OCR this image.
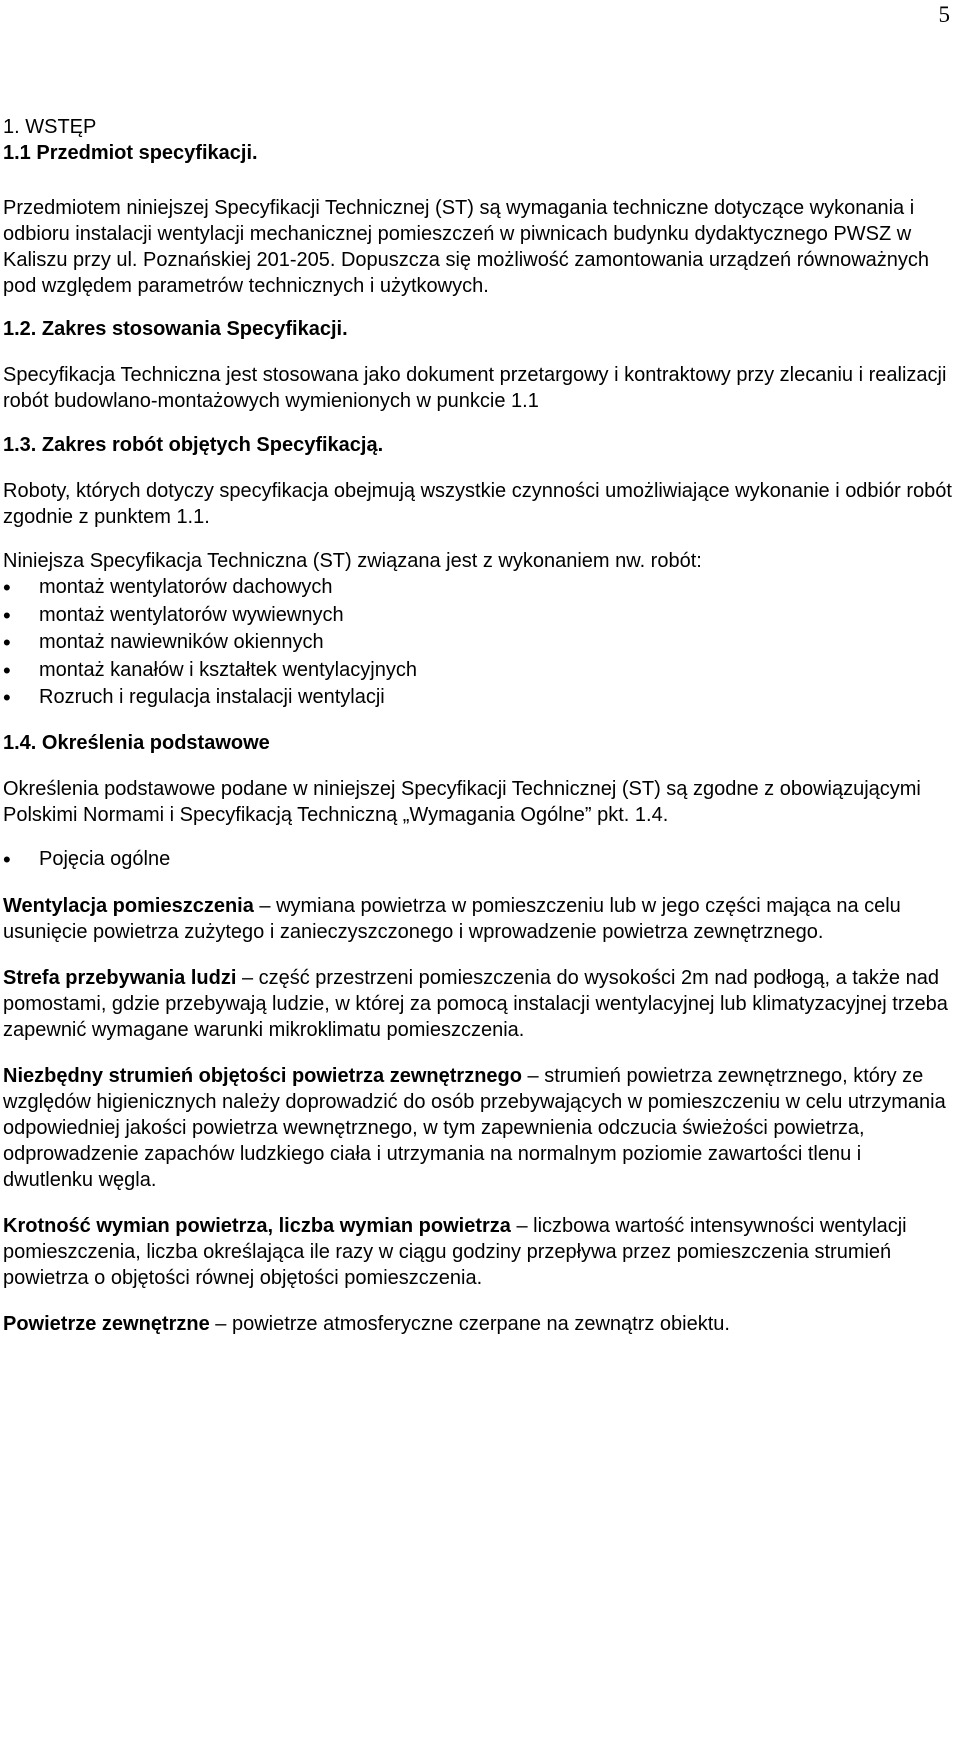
5

1. WSTĘP

1.1 Przedmiot specyfikacji.

Przedmiotem niniejszej Specyfikacji Technicznej (ST) są wymagania techniczne dotyczące wykonania i odbioru instalacji wentylacji mechanicznej pomieszczeń w piwnicach budynku dydaktycznego PWSZ w Kaliszu przy ul. Poznańskiej 201-205. Dopuszcza się możliwość zamontowania urządzeń równoważnych pod względem parametrów technicznych i użytkowych.

1.2. Zakres stosowania Specyfikacji.

Specyfikacja Techniczna jest stosowana jako dokument przetargowy i kontraktowy przy zlecaniu i realizacji robót budowlano-montażowych wymienionych w punkcie 1.1

1.3. Zakres robót objętych Specyfikacją.

Roboty, których dotyczy specyfikacja obejmują wszystkie czynności umożliwiające wykonanie i odbiór robót zgodnie z punktem 1.1.

Niniejsza Specyfikacja Techniczna (ST) związana jest z wykonaniem nw. robót:

• montaż wentylatorów dachowych
• montaż wentylatorów wywiewnych
• montaż nawiewników okiennych
• montaż kanałów i kształtek wentylacyjnych
• Rozruch i regulacja instalacji wentylacji

1.4. Określenia podstawowe

Określenia podstawowe podane w niniejszej Specyfikacji Technicznej (ST) są zgodne z obowiązującymi Polskimi Normami i Specyfikacją Techniczną „Wymagania Ogólne” pkt. 1.4.

• Pojęcia ogólne

Wentylacja pomieszczenia – wymiana powietrza w pomieszczeniu lub w jego części mająca na celu usunięcie powietrza zużytego i zanieczyszczonego i wprowadzenie powietrza zewnętrznego.

Strefa przebywania ludzi – część przestrzeni pomieszczenia do wysokości 2m nad podłogą, a także nad pomostami, gdzie przebywają ludzie, w której za pomocą instalacji wentylacyjnej lub klimatyzacyjnej trzeba zapewnić wymagane warunki mikroklimatu pomieszczenia.

Niezbędny strumień objętości powietrza zewnętrznego – strumień powietrza zewnętrznego, który ze względów higienicznych należy doprowadzić do osób przebywających w pomieszczeniu w celu utrzymania odpowiedniej jakości powietrza wewnętrznego, w tym zapewnienia odczucia świeżości powietrza, odprowadzenie zapachów ludzkiego ciała i utrzymania na normalnym poziomie zawartości tlenu i dwutlenku węgla.

Krotność wymian powietrza, liczba wymian powietrza – liczbowa wartość intensywności wentylacji pomieszczenia, liczba określająca ile razy w ciągu godziny przepływa przez pomieszczenia strumień powietrza o objętości równej objętości pomieszczenia.

Powietrze zewnętrzne – powietrze atmosferyczne czerpane na zewnątrz obiektu.
